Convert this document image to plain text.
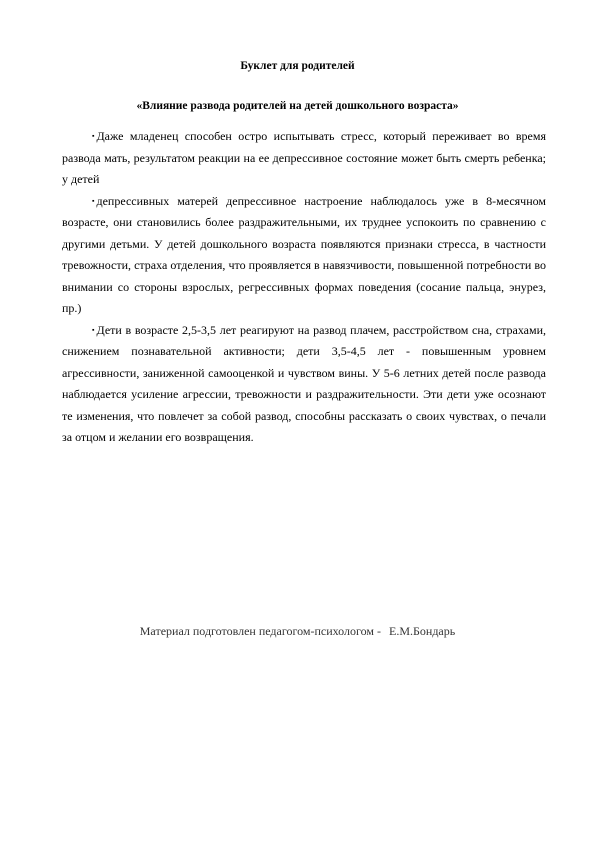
Буклет для родителей
«Влияние развода родителей на детей дошкольного возраста»

▪ Даже младенец способен остро испытывать стресс, который переживает во время развода мать, результатом реакции на ее депрессивное состояние может быть смерть ребенка; у детей

▪ депрессивных матерей депрессивное настроение наблюдалось уже в 8-месячном возрасте, они становились более раздражительными, их труднее успокоить по сравнению с другими детьми. У детей дошкольного возраста появляются признаки стресса, в частности тревожности, страха отделения, что проявляется в навязчивости, повышенной потребности во внимании со стороны взрослых, регрессивных формах поведения (сосание пальца, энурез, пр.)

▪ Дети в возрасте 2,5-3,5 лет реагируют на развод плачем, расстройством сна, страхами, снижением познавательной активности; дети 3,5-4,5 лет - повышенным уровнем агрессивности, заниженной самооценкой и чувством вины. У 5-6 летних детей после развода наблюдается усиление агрессии, тревожности и раздражительности. Эти дети уже осознают те изменения, что повлечет за собой развод, способны рассказать о своих чувствах, о печали за отцом и желании его возвращения.

Материал подготовлен педагогом-психологом - Е.М.Бондарь
